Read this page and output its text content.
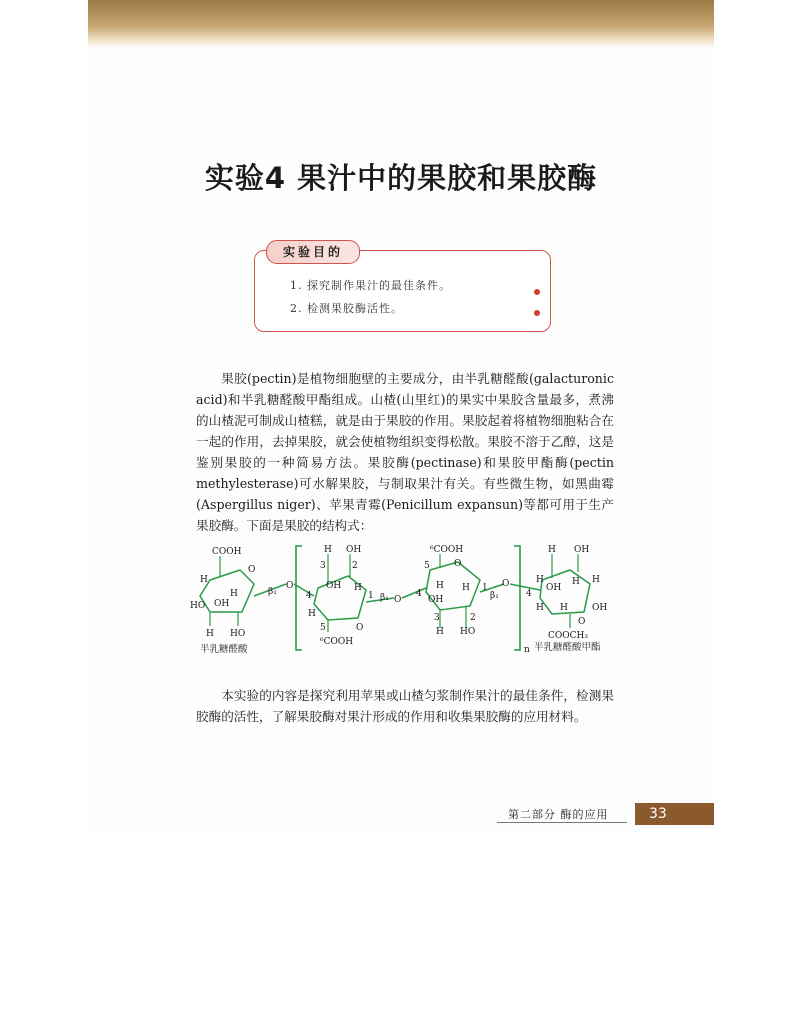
实验4 果汁中的果胶和果胶酶
实验目的
1. 探究制作果汁的最佳条件。
2. 检测果胶酶活性。

果胶(pectin)是植物细胞壁的主要成分，由半乳糖醛酸(galacturonic acid)和半乳糖醛酸甲酯组成。山楂(山里红)的果实中果胶含量最多，煮沸的山楂泥可制成山楂糕，就是由于果胶的作用。果胶起着将植物细胞粘合在一起的作用，去掉果胶，就会使植物组织变得松散。果胶不溶于乙醇，这是鉴别果胶的一种简易方法。果胶酶(pectinase)和果胶甲酯酶(pectin methylesterase)可水解果胶，与制取果汁有关。有些微生物，如黑曲霉(Aspergillus niger)、苹果青霉(Penicillum expansun)等都可用于生产果胶酶。下面是果胶的结构式：

COOH
H
H
HO OH
O
β₁
O
H HO
半乳糖醛酸
H OH
3	2
OH H
4	1
H
5	O
⁶COOH
β₁ O
⁶COOH
5	O
4
H
OH
H 1
β₁
3	2
H HO
O
H OH
H
OH
H H
4
H H	OH
O
COOCH₃
n 半乳糖醛酸甲酯

本实验的内容是探究利用苹果或山楂匀浆制作果汁的最佳条件，检测果胶酶的活性，了解果胶酶对果汁形成的作用和收集果胶酶的应用材料。

第二部分 酶的应用	33
